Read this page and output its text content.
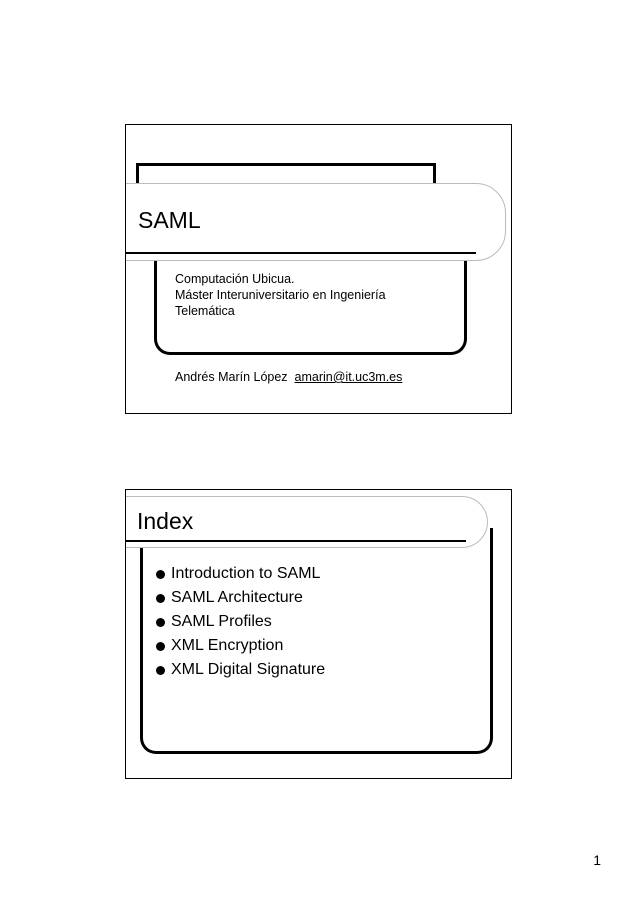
SAML
Computación Ubicua.
Máster Interuniversitario en Ingeniería
Telemática
Andrés Marín López amarin@it.uc3m.es
Index
Introduction to SAML
SAML Architecture
SAML Profiles
XML Encryption
XML Digital Signature
1
